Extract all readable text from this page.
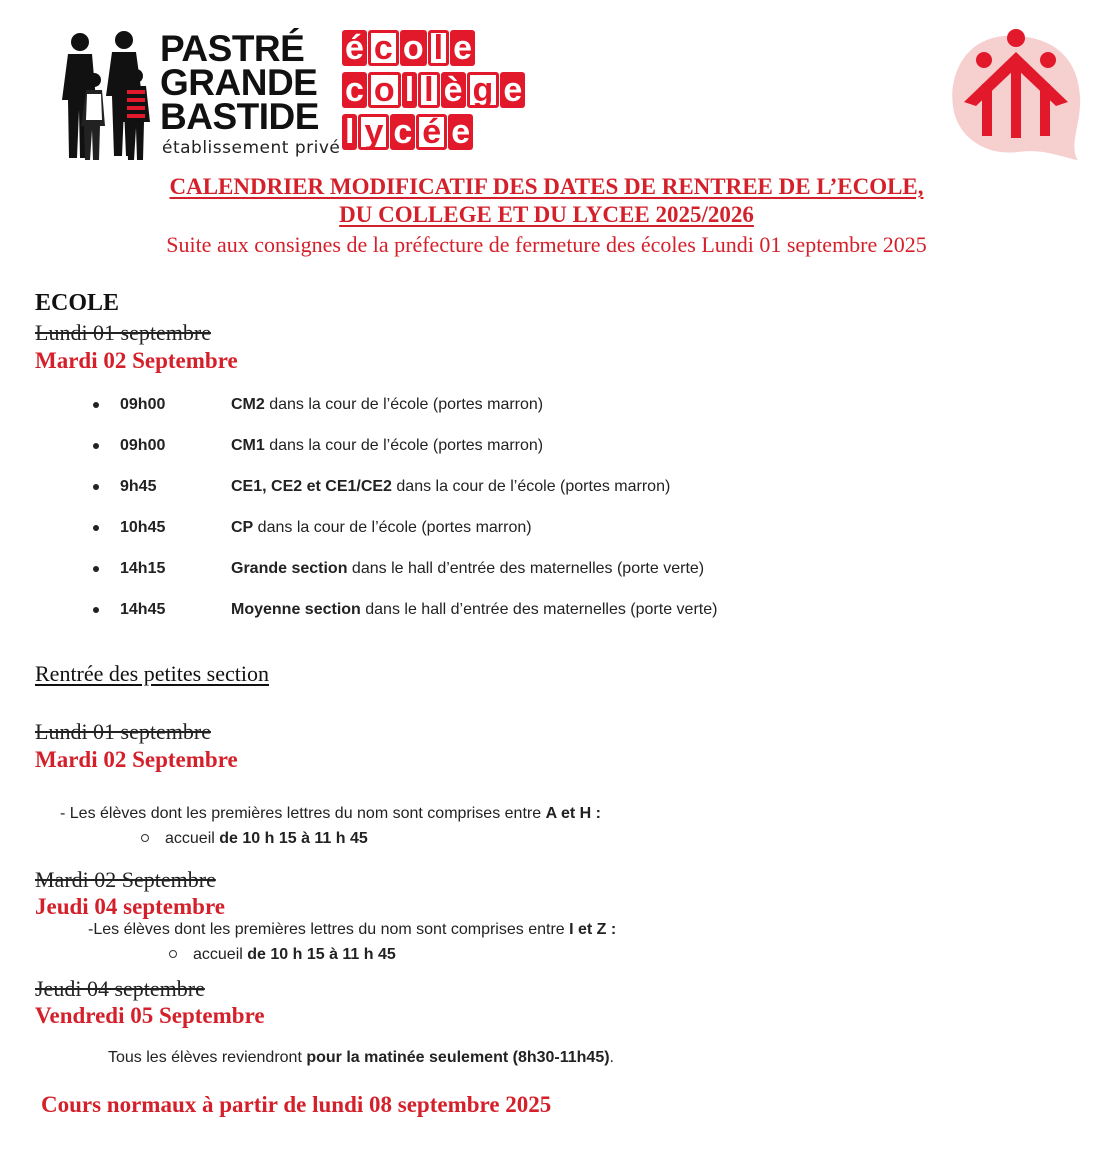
PASTRÉ
GRANDE
BASTIDE
établissement privé
é c o l e
c o l l è g e
l y c é e
CALENDRIER MODIFICATIF DES DATES DE RENTREE DE L’ECOLE,
DU COLLEGE ET DU LYCEE 2025/2026
Suite aux consignes de la préfecture de fermeture des écoles Lundi 01 septembre 2025
ECOLE
Lundi 01 septembre
Mardi 02 Septembre
09h00	CM2 dans la cour de l’école (portes marron)
09h00	CM1 dans la cour de l’école (portes marron)
9h45	CE1, CE2 et CE1/CE2 dans la cour de l’école (portes marron)
10h45	CP dans la cour de l’école (portes marron)
14h15	Grande section dans le hall d’entrée des maternelles (porte verte)
14h45	Moyenne section dans le hall d’entrée des maternelles (porte verte)
Rentrée des petites section
Lundi 01 septembre
Mardi 02 Septembre
- Les élèves dont les premières lettres du nom sont comprises entre A et H :
accueil de 10 h 15 à 11 h 45
Mardi 02 Septembre
Jeudi 04 septembre
-Les élèves dont les premières lettres du nom sont comprises entre I et Z :
accueil de 10 h 15 à 11 h 45
Jeudi 04 septembre
Vendredi 05 Septembre
Tous les élèves reviendront pour la matinée seulement (8h30-11h45).
Cours normaux à partir de lundi 08 septembre 2025
